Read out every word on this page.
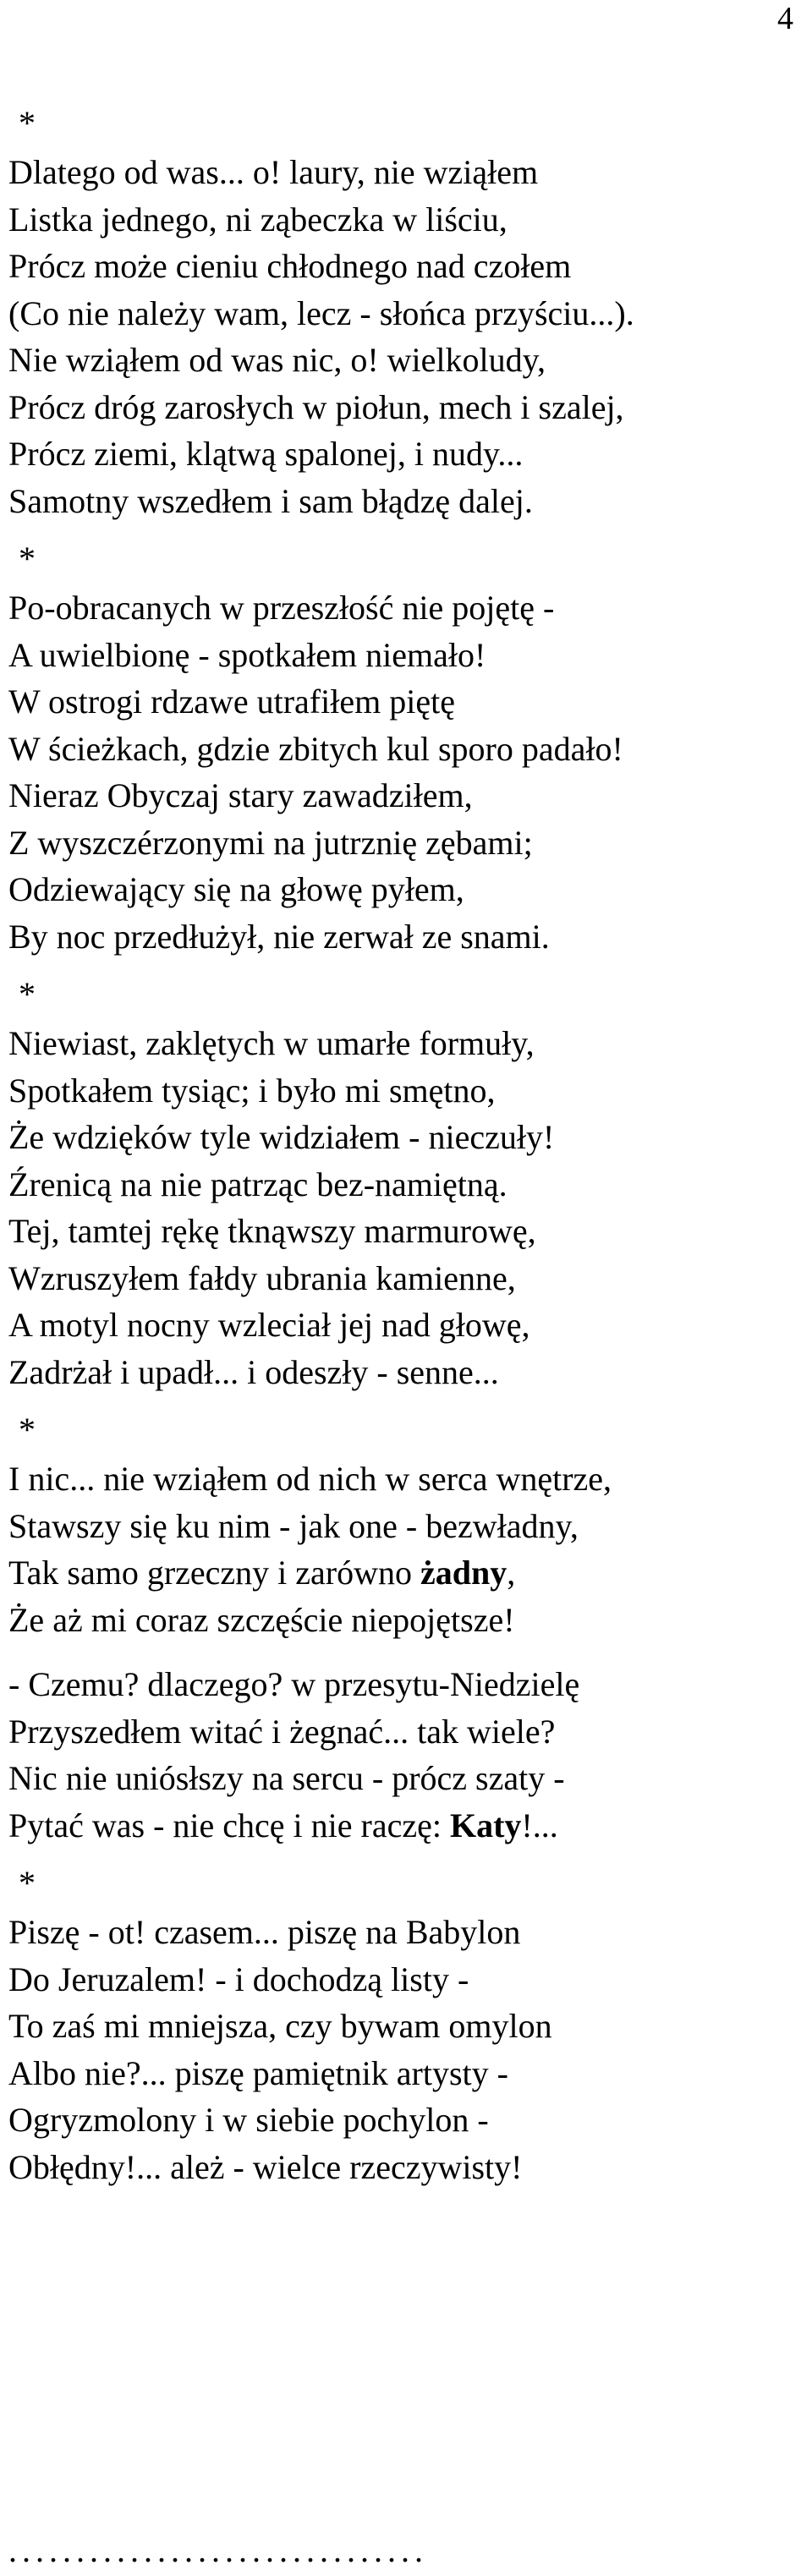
4
*
Dlatego od was... o! laury, nie wziąłem
Listka jednego, ni ząbeczka w liściu,
Prócz może cieniu chłodnego nad czołem
(Co nie należy wam, lecz - słońca przyściu...).
Nie wziąłem od was nic, o! wielkoludy,
Prócz dróg zarosłych w piołun, mech i szalej,
Prócz ziemi, klątwą spalonej, i nudy...
Samotny wszedłem i sam błądzę dalej.
*
Po-obracanych w przeszłość nie pojętę -
A uwielbionę - spotkałem niemało!
W ostrogi rdzawe utrafiłem piętę
W ścieżkach, gdzie zbitych kul sporo padało!
Nieraz Obyczaj stary zawadziłem,
Z wyszczérzonymi na jutrznię zębami;
Odziewający się na głowę pyłem,
By noc przedłużył, nie zerwał ze snami.
*
Niewiast, zaklętych w umarłe formuły,
Spotkałem tysiąc; i było mi smętno,
Że wdzięków tyle widziałem - nieczuły!
Źrenicą na nie patrząc bez-namiętną.
Tej, tamtej rękę tknąwszy marmurowę,
Wzruszyłem fałdy ubrania kamienne,
A motyl nocny wzleciał jej nad głowę,
Zadrżał i upadł... i odeszły - senne...
*
I nic... nie wziąłem od nich w serca wnętrze,
Stawszy się ku nim - jak one - bezwładny,
Tak samo grzeczny i zarówno żadny,
Że aż mi coraz szczęście niepojętsze!
- Czemu? dlaczego? w przesytu-Niedzielę
Przyszedłem witać i żegnać... tak wiele?
Nic nie uniósłszy na sercu - prócz szaty -
Pytać was - nie chcę i nie raczę: Katy!...
*
Piszę - ot! czasem... piszę na Babylon
Do Jeruzalem! - i dochodzą listy -
To zaś mi mniejsza, czy bywam omylon
Albo nie?... piszę pamiętnik artysty -
Ogryzmolony i w siebie pochylon -
Obłędny!... ależ - wielce rzeczywisty!
...............................
